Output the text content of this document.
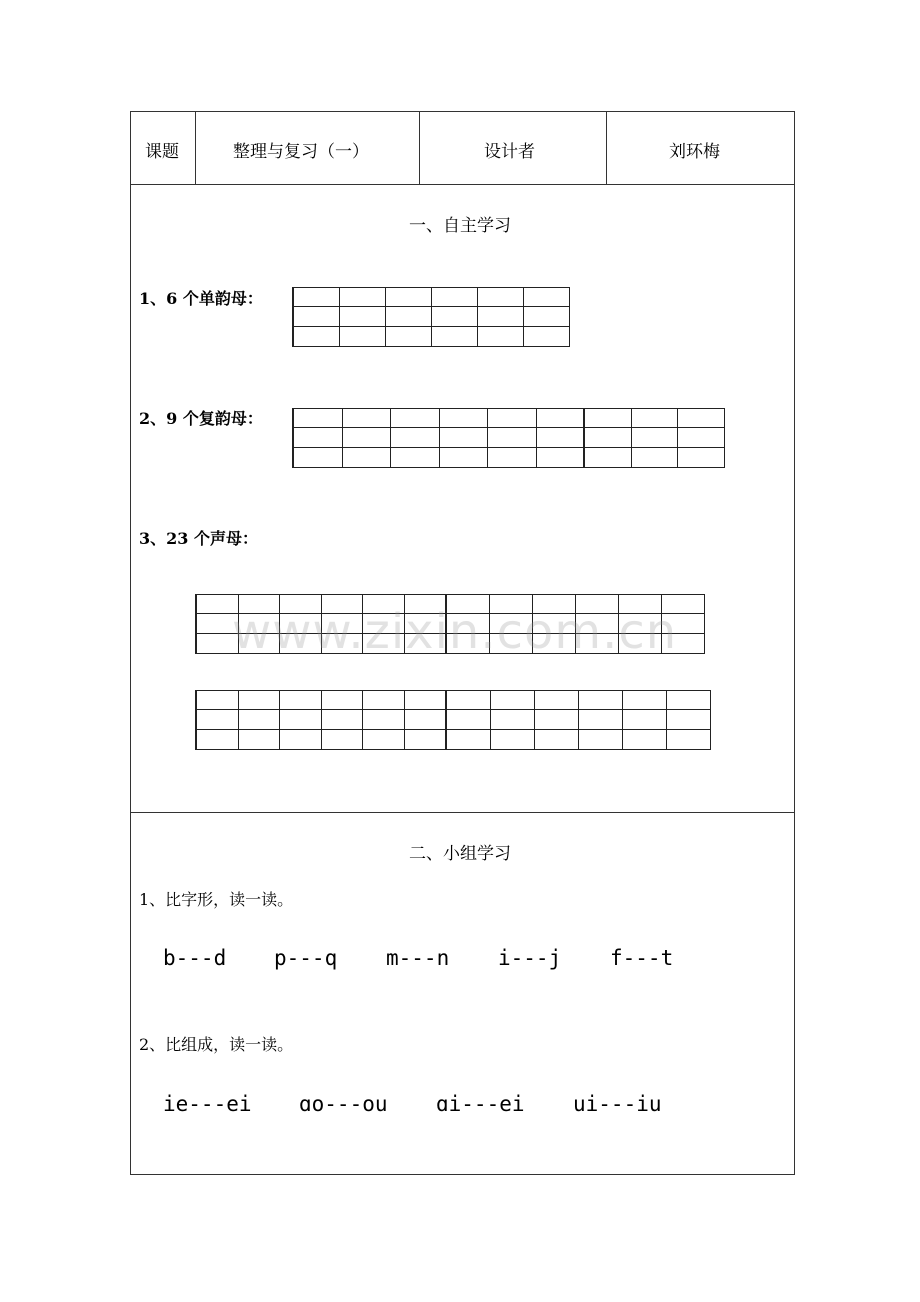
课题	整理与复习（一）	设计者	刘环梅
一、自主学习
1、6 个单韵母：
2、9 个复韵母：
3、23 个声母：
www.zixin.com.cn
二、小组学习
1、比字形，读一读。
b---d p---q m---n i---j f---t
2、比组成，读一读。
ie---ei ɑo---ou ɑi---ei ui---iu
